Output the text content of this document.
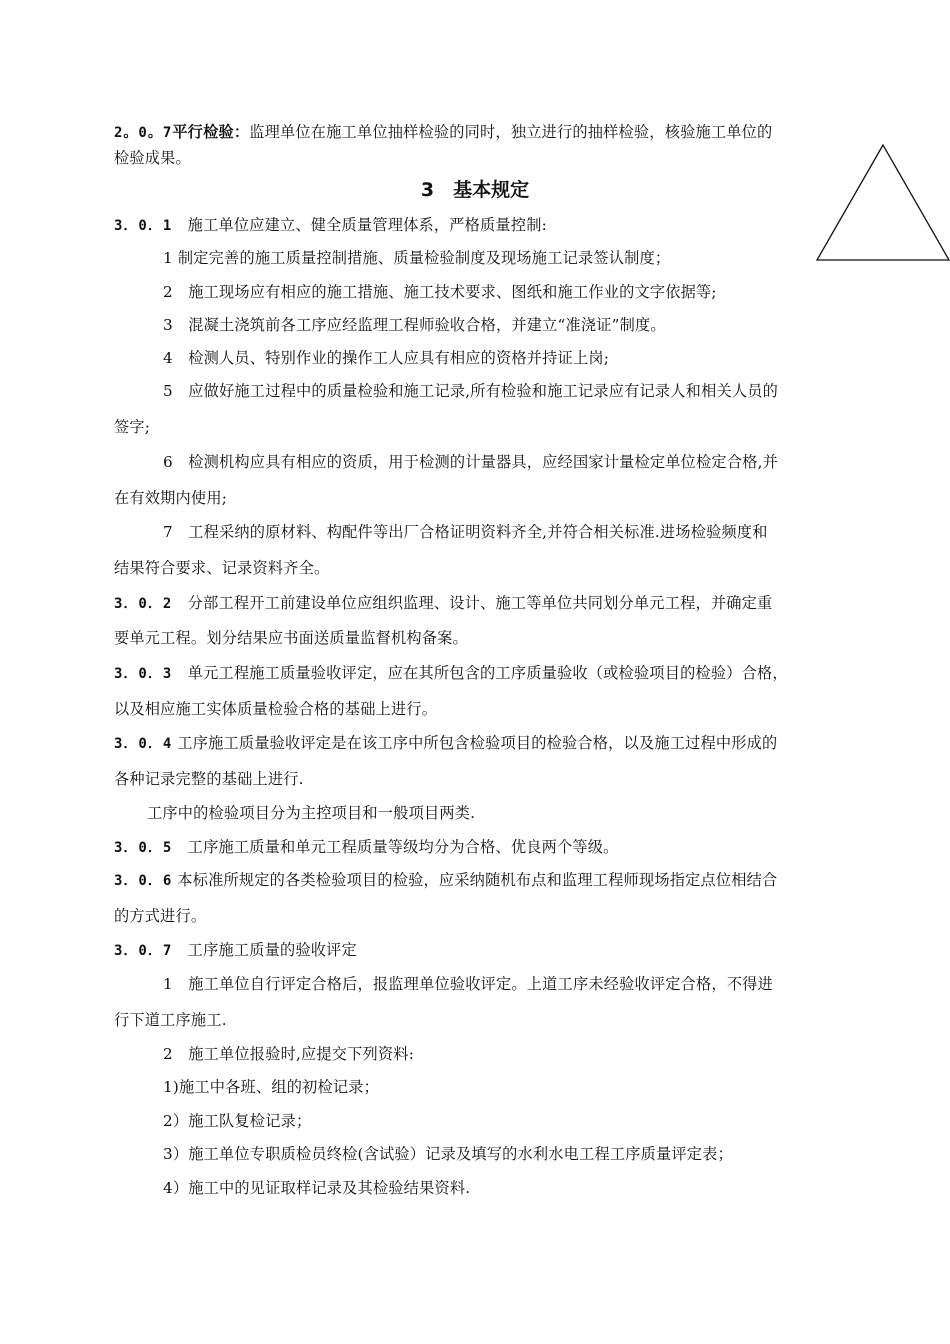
2。0。7平行检验：监理单位在施工单位抽样检验的同时，独立进行的抽样检验，核验施工单位的
检验成果。
3　基本规定
3．0．1　施工单位应建立、健全质量管理体系，严格质量控制:
1 制定完善的施工质量控制措施、质量检验制度及现场施工记录签认制度；
2　施工现场应有相应的施工措施、施工技术要求、图纸和施工作业的文字依据等;
3　混凝土浇筑前各工序应经监理工程师验收合格，并建立“准浇证”制度。
4　检测人员、特别作业的操作工人应具有相应的资格并持证上岗;
5　应做好施工过程中的质量检验和施工记录,所有检验和施工记录应有记录人和相关人员的
签字;
6　检测机构应具有相应的资质，用于检测的计量器具，应经国家计量检定单位检定合格,并
在有效期内使用;
7　工程采纳的原材料、构配件等出厂合格证明资料齐全,并符合相关标准.进场检验频度和
结果符合要求、记录资料齐全。
3．0．2　分部工程开工前建设单位应组织监理、设计、施工等单位共同划分单元工程，并确定重
要单元工程。划分结果应书面送质量监督机构备案。
3．0．3　单元工程施工质量验收评定，应在其所包含的工序质量验收（或检验项目的检验）合格，
以及相应施工实体质量检验合格的基础上进行。
3．0．4 工序施工质量验收评定是在该工序中所包含检验项目的检验合格，以及施工过程中形成的
各种记录完整的基础上进行.
工序中的检验项目分为主控项目和一般项目两类.
3．0．5　工序施工质量和单元工程质量等级均分为合格、优良两个等级。
3．0．6 本标准所规定的各类检验项目的检验，应采纳随机布点和监理工程师现场指定点位相结合
的方式进行。
3．0．7　工序施工质量的验收评定
1　施工单位自行评定合格后，报监理单位验收评定。上道工序未经验收评定合格，不得进
行下道工序施工.
2　施工单位报验时,应提交下列资料:
1)施工中各班、组的初检记录；
2）施工队复检记录；
3）施工单位专职质检员终检(含试验）记录及填写的水利水电工程工序质量评定表；
4）施工中的见证取样记录及其检验结果资料.
